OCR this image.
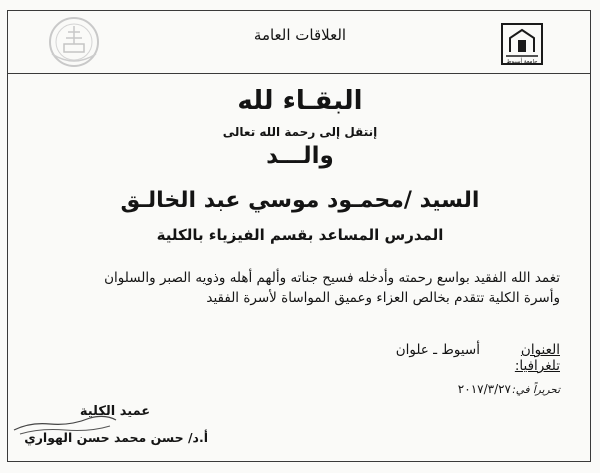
جامعة أسيوط
العلاقات العامة
البقـاء لله
إنتقل إلى رحمة الله تعالى
والـــد
السيد /محمـود موسي عبد الخالـق
المدرس المساعد بقسم الفيزياء بالكلية
تغمد الله الفقيد بواسع رحمته وأدخله فسيح جناته وألهم أهله وذويه الصبر والسلوان
وأسرة الكلية تتقدم بخالص العزاء وعميق المواساة لأسرة الفقيد
العنوان تلغرافيا:
أسيوط ـ علوان
تحريراً في:
٢٠١٧/٣/٢٧
عميد الكلية
أ.د/ حسن محمد حسن الهواري
